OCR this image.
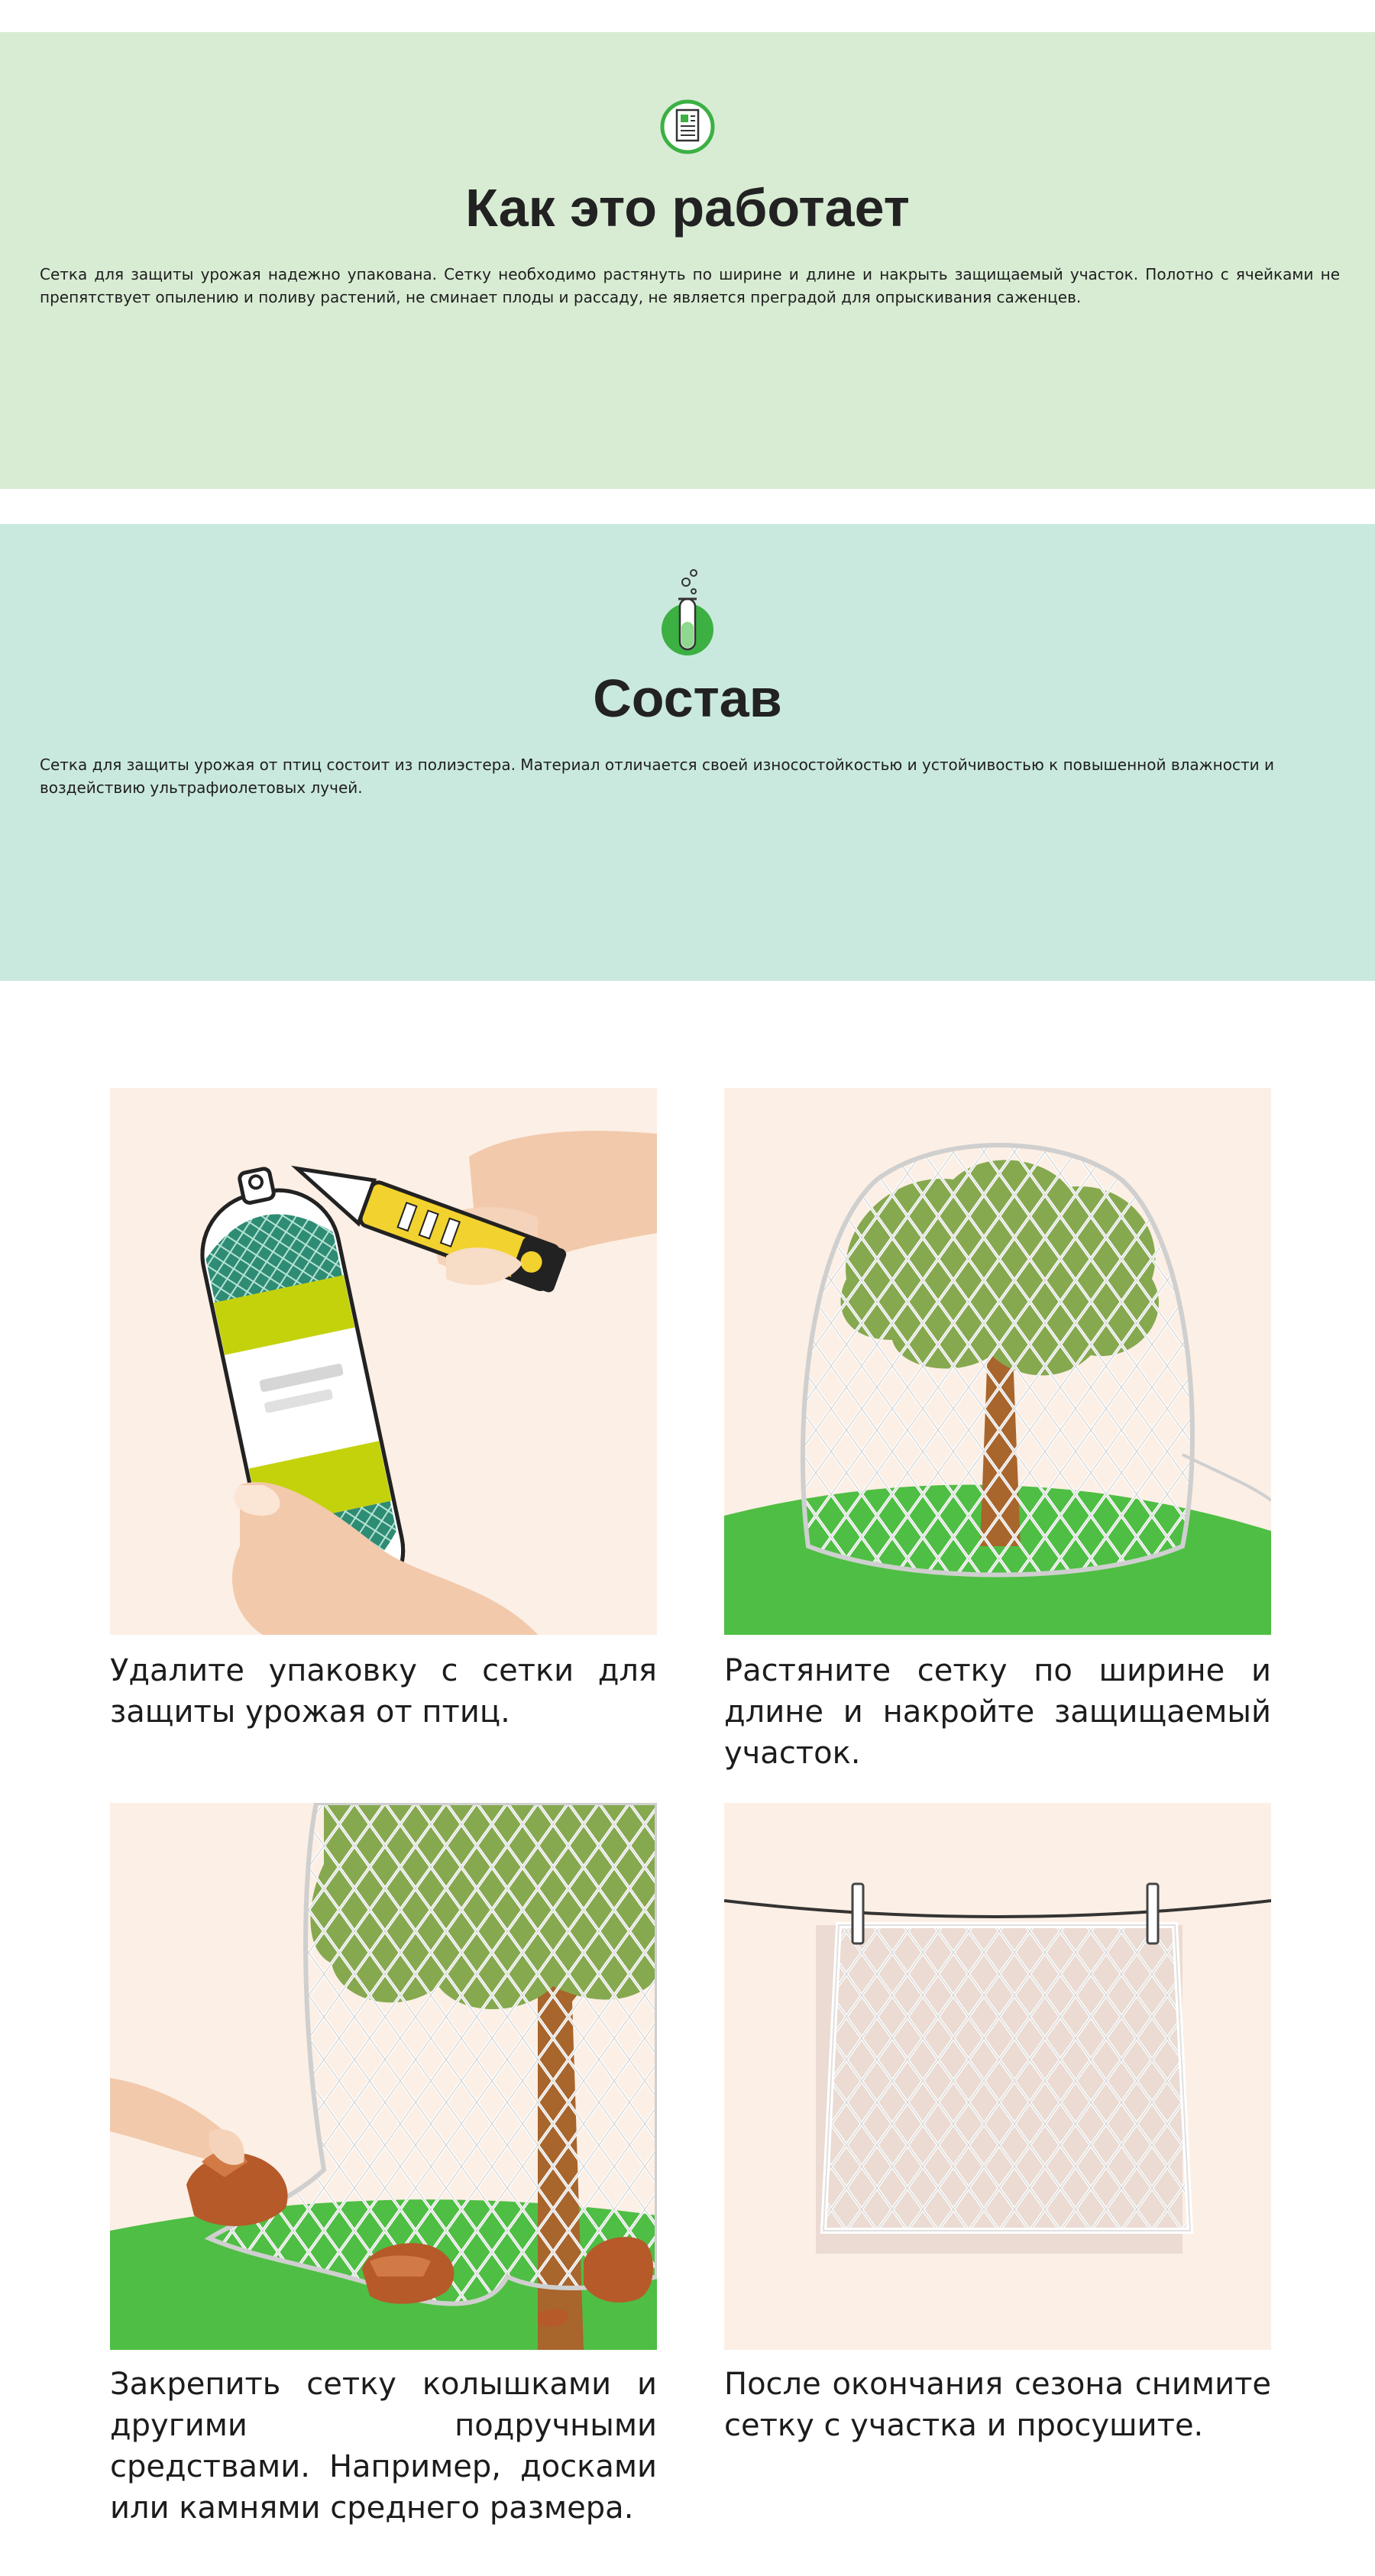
Как это работает
Сетка для защиты урожая надежно упакована. Сетку необходимо растянуть по ширине и длине и накрыть защищаемый участок. Полотно с ячейками не препятствует опылению и поливу растений, не сминает плоды и рассаду, не является преградой для опрыскивания саженцев.
Состав
Сетка для защиты урожая от птиц состоит из полиэстера. Материал отличается своей износостойкостью и устойчивостью к повышенной влажности и воздействию ультрафиолетовых лучей.
Удалите упаковку с сетки для защиты урожая от птиц.
Растяните сетку по ширине и длине и накройте защищаемый участок.
Закрепить сетку колышками и другими подручными средствами. Например, досками или камнями среднего размера.
После окончания сезона снимите сетку с участка и просушите.
